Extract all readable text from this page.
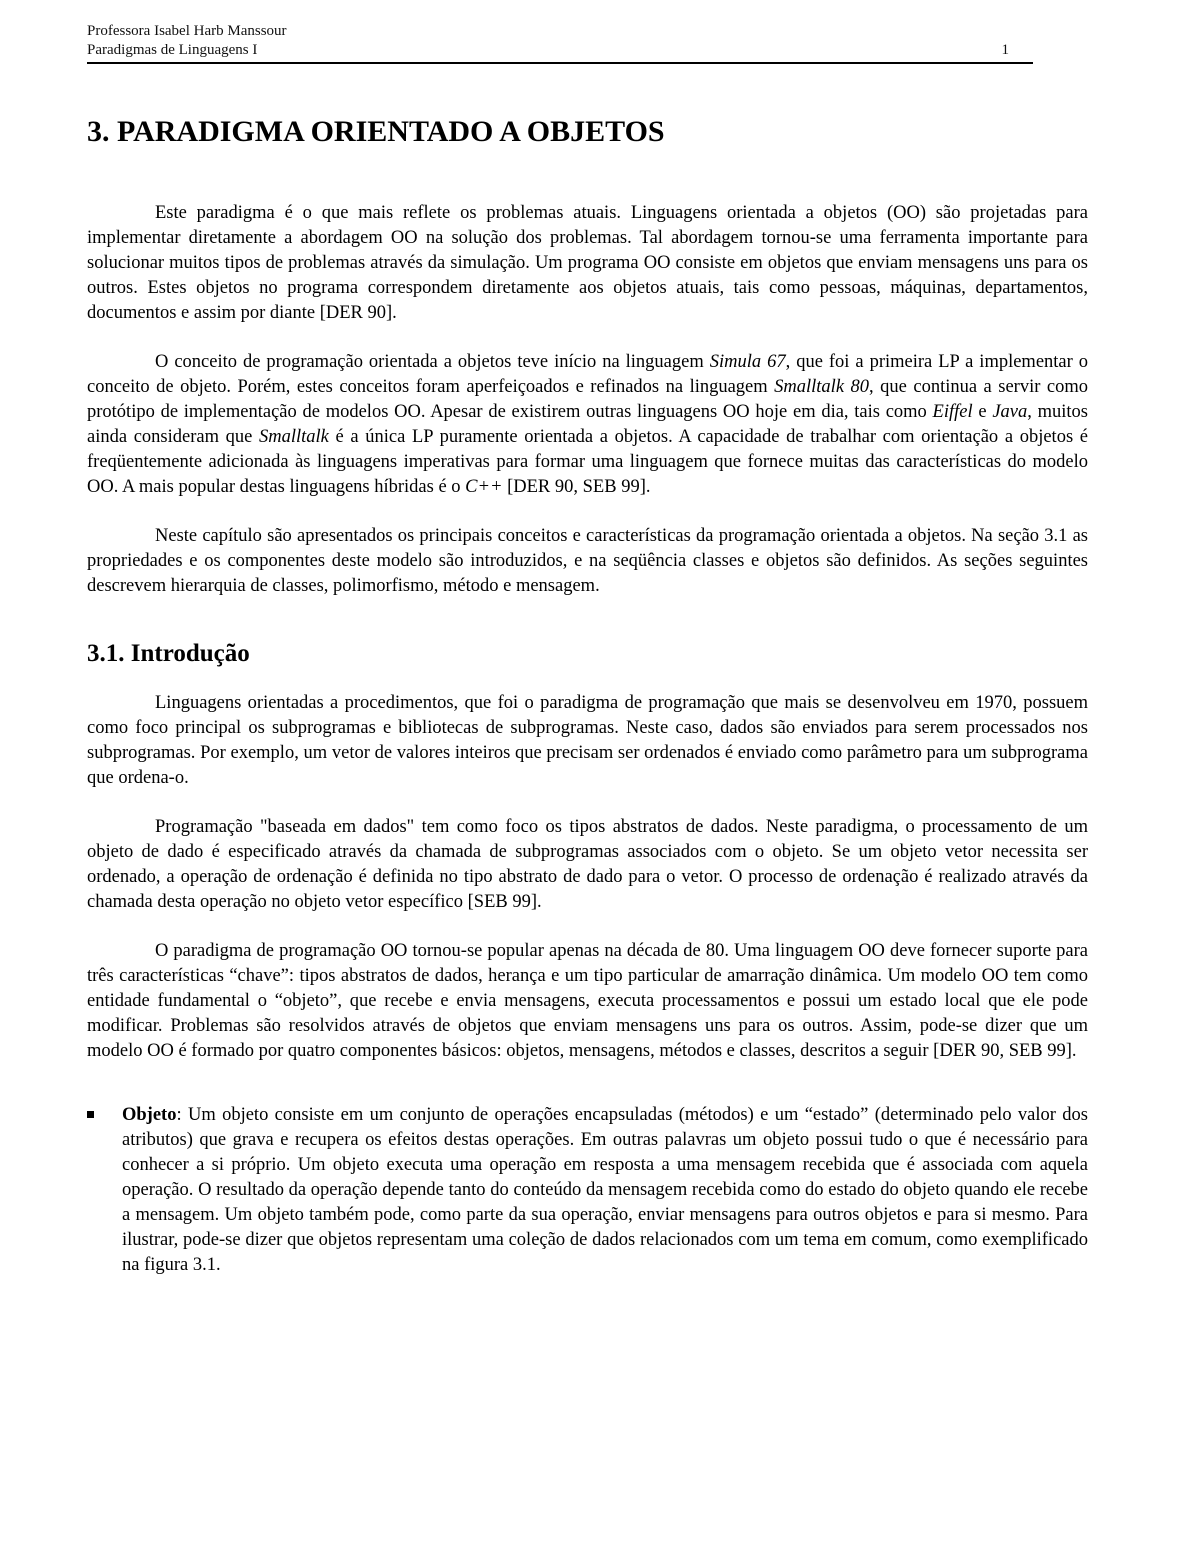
Professora Isabel Harb Manssour
Paradigmas de Linguagens I	1
3. PARADIGMA ORIENTADO A OBJETOS

Este paradigma é o que mais reflete os problemas atuais. Linguagens orientada a objetos (OO) são projetadas para implementar diretamente a abordagem OO na solução dos problemas. Tal abordagem tornou-se uma ferramenta importante para solucionar muitos tipos de problemas através da simulação. Um programa OO consiste em objetos que enviam mensagens uns para os outros. Estes objetos no programa correspondem diretamente aos objetos atuais, tais como pessoas, máquinas, departamentos, documentos e assim por diante [DER 90].

O conceito de programação orientada a objetos teve início na linguagem Simula 67, que foi a primeira LP a implementar o conceito de objeto. Porém, estes conceitos foram aperfeiçoados e refinados na linguagem Smalltalk 80, que continua a servir como protótipo de implementação de modelos OO. Apesar de existirem outras linguagens OO hoje em dia, tais como Eiffel e Java, muitos ainda consideram que Smalltalk é a única LP puramente orientada a objetos. A capacidade de trabalhar com orientação a objetos é freqüentemente adicionada às linguagens imperativas para formar uma linguagem que fornece muitas das características do modelo OO. A mais popular destas linguagens híbridas é o C++ [DER 90, SEB 99].

Neste capítulo são apresentados os principais conceitos e características da programação orientada a objetos. Na seção 3.1 as propriedades e os componentes deste modelo são introduzidos, e na seqüência classes e objetos são definidos. As seções seguintes descrevem hierarquia de classes, polimorfismo, método e mensagem.

3.1. Introdução

Linguagens orientadas a procedimentos, que foi o paradigma de programação que mais se desenvolveu em 1970, possuem como foco principal os subprogramas e bibliotecas de subprogramas. Neste caso, dados são enviados para serem processados nos subprogramas. Por exemplo, um vetor de valores inteiros que precisam ser ordenados é enviado como parâmetro para um subprograma que ordena-o.

Programação "baseada em dados" tem como foco os tipos abstratos de dados. Neste paradigma, o processamento de um objeto de dado é especificado através da chamada de subprogramas associados com o objeto. Se um objeto vetor necessita ser ordenado, a operação de ordenação é definida no tipo abstrato de dado para o vetor. O processo de ordenação é realizado através da chamada desta operação no objeto vetor específico [SEB 99].

O paradigma de programação OO tornou-se popular apenas na década de 80. Uma linguagem OO deve fornecer suporte para três características “chave”: tipos abstratos de dados, herança e um tipo particular de amarração dinâmica. Um modelo OO tem como entidade fundamental o “objeto”, que recebe e envia mensagens, executa processamentos e possui um estado local que ele pode modificar. Problemas são resolvidos através de objetos que enviam mensagens uns para os outros. Assim, pode-se dizer que um modelo OO é formado por quatro componentes básicos: objetos, mensagens, métodos e classes, descritos a seguir [DER 90, SEB 99].

Objeto: Um objeto consiste em um conjunto de operações encapsuladas (métodos) e um “estado” (determinado pelo valor dos atributos) que grava e recupera os efeitos destas operações. Em outras palavras um objeto possui tudo o que é necessário para conhecer a si próprio. Um objeto executa uma operação em resposta a uma mensagem recebida que é associada com aquela operação. O resultado da operação depende tanto do conteúdo da mensagem recebida como do estado do objeto quando ele recebe a mensagem. Um objeto também pode, como parte da sua operação, enviar mensagens para outros objetos e para si mesmo. Para ilustrar, pode-se dizer que objetos representam uma coleção de dados relacionados com um tema em comum, como exemplificado na figura 3.1.
